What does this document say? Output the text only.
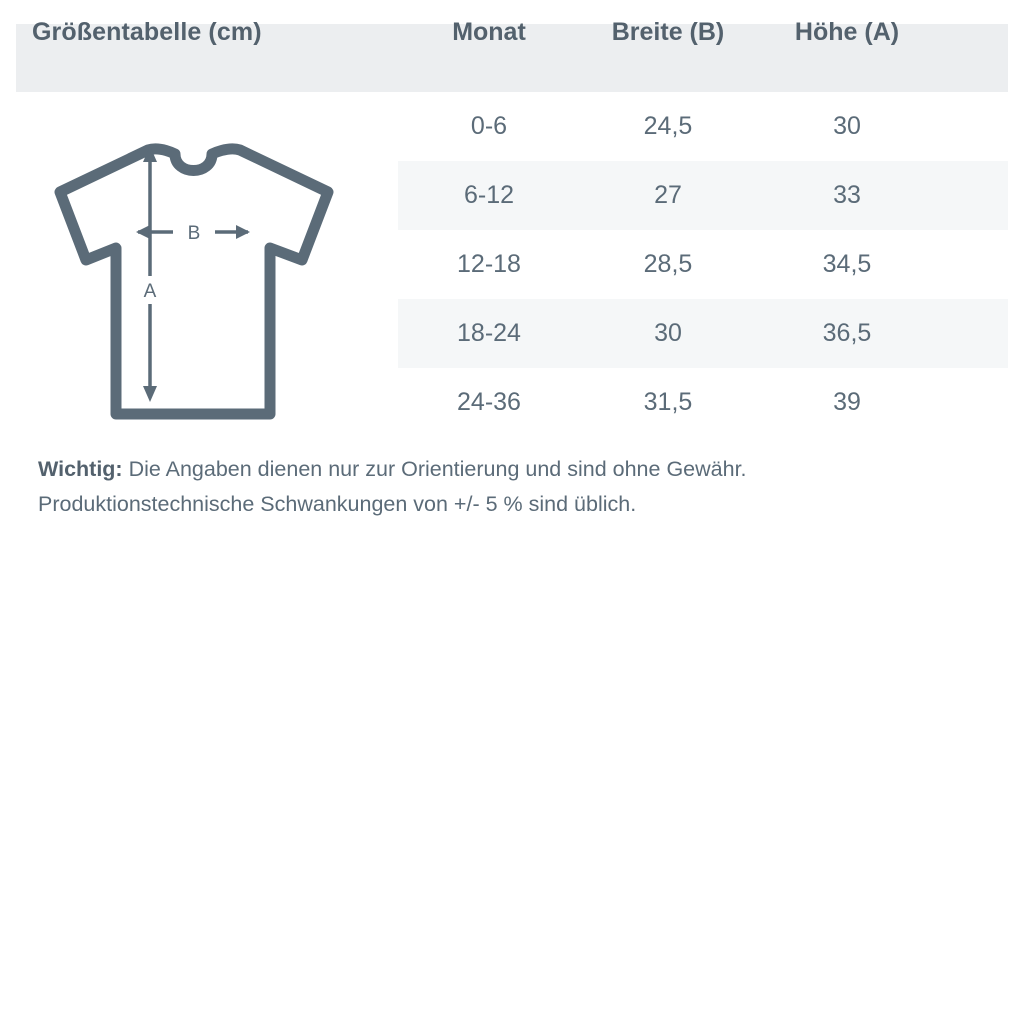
Größentabelle (cm)	Monat	Breite (B)	Höhe (A)
0-6	24,5	30
6-12	27	33
12-18	28,5	34,5
18-24	30	36,5
24-36	31,5	39
B
A
Wichtig: Die Angaben dienen nur zur Orientierung und sind ohne Gewähr.
Produktionstechnische Schwankungen von +/- 5 % sind üblich.
